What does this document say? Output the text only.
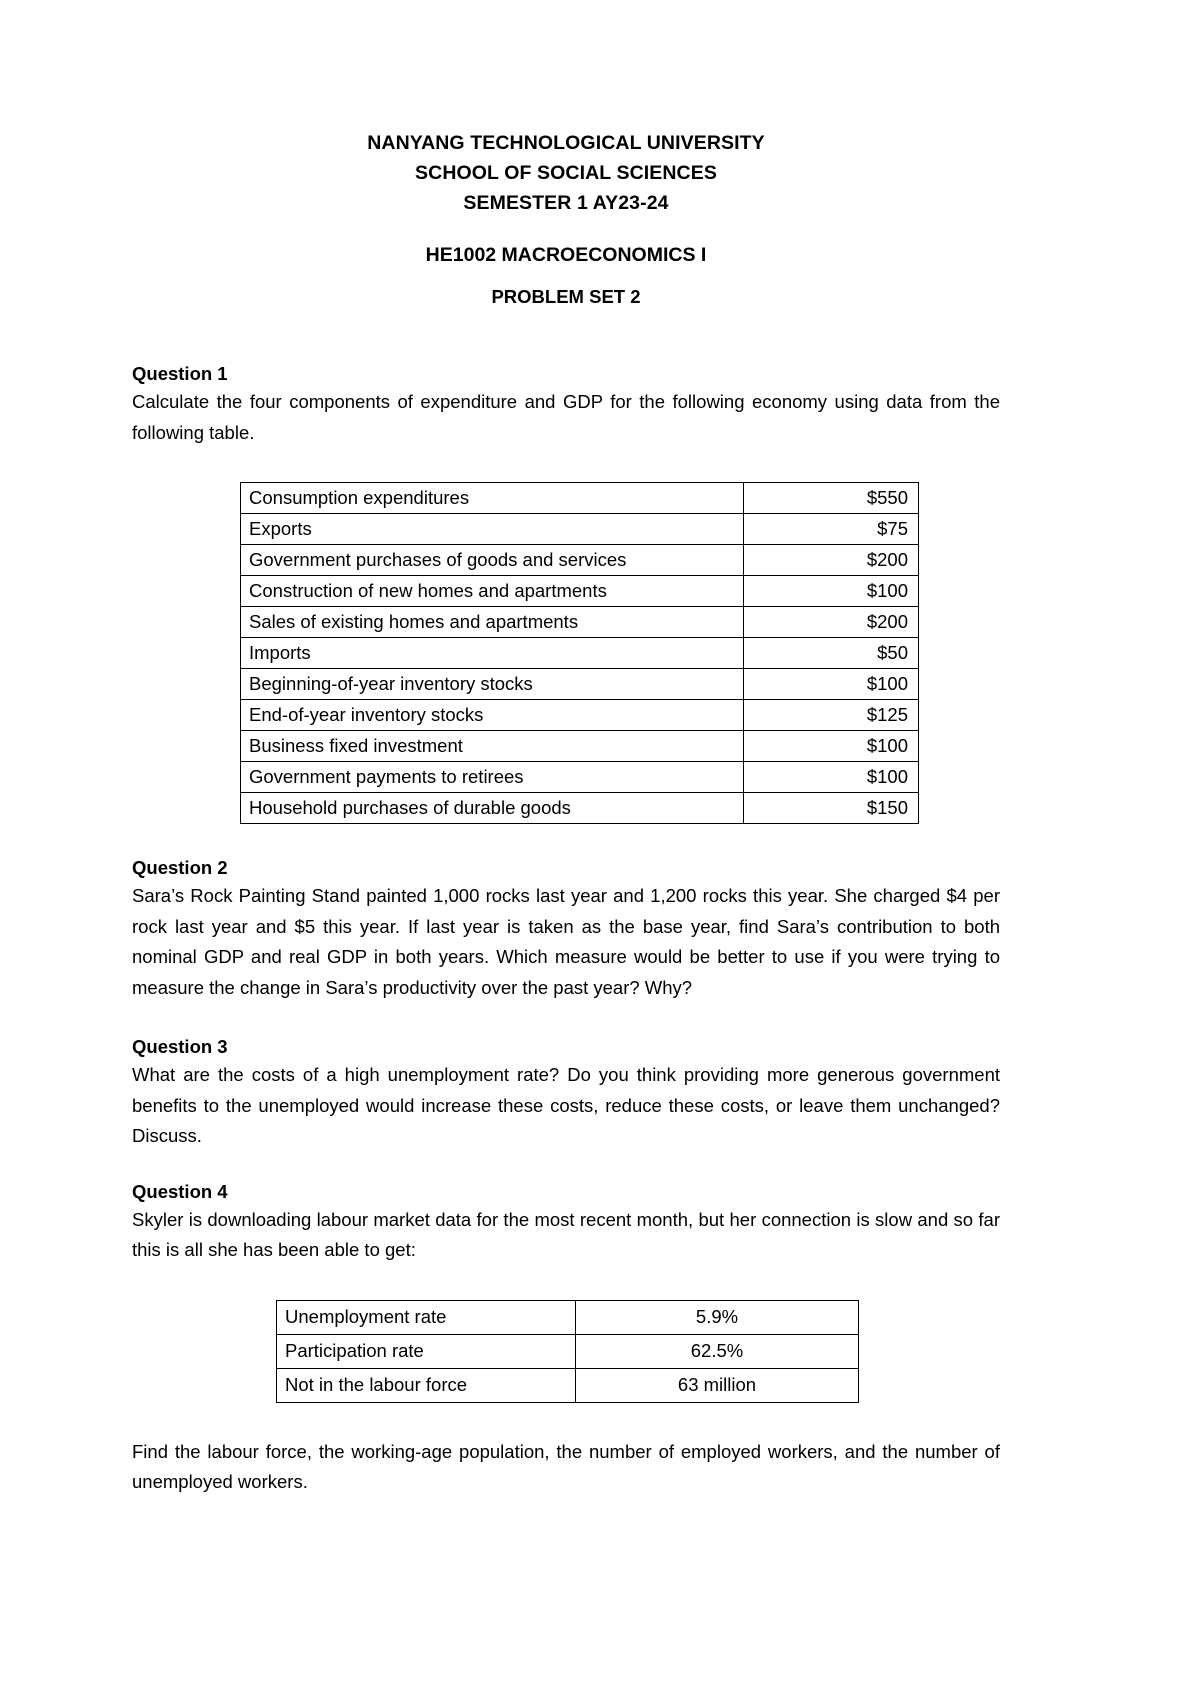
NANYANG TECHNOLOGICAL UNIVERSITY
SCHOOL OF SOCIAL SCIENCES
SEMESTER 1 AY23-24
HE1002 MACROECONOMICS I
PROBLEM SET 2
Question 1

Calculate the four components of expenditure and GDP for the following economy using data from the following table.

Consumption expenditures	$550
Exports	$75
Government purchases of goods and services	$200
Construction of new homes and apartments	$100
Sales of existing homes and apartments	$200
Imports	$50
Beginning-of-year inventory stocks	$100
End-of-year inventory stocks	$125
Business fixed investment	$100
Government payments to retirees	$100
Household purchases of durable goods	$150
Question 2

Sara’s Rock Painting Stand painted 1,000 rocks last year and 1,200 rocks this year. She charged $4 per rock last year and $5 this year. If last year is taken as the base year, find Sara’s contribution to both nominal GDP and real GDP in both years. Which measure would be better to use if you were trying to measure the change in Sara’s productivity over the past year? Why?

Question 3

What are the costs of a high unemployment rate? Do you think providing more generous government benefits to the unemployed would increase these costs, reduce these costs, or leave them unchanged? Discuss.

Question 4

Skyler is downloading labour market data for the most recent month, but her connection is slow and so far this is all she has been able to get:

Unemployment rate	5.9%
Participation rate	62.5%
Not in the labour force	63 million

Find the labour force, the working-age population, the number of employed workers, and the number of unemployed workers.
